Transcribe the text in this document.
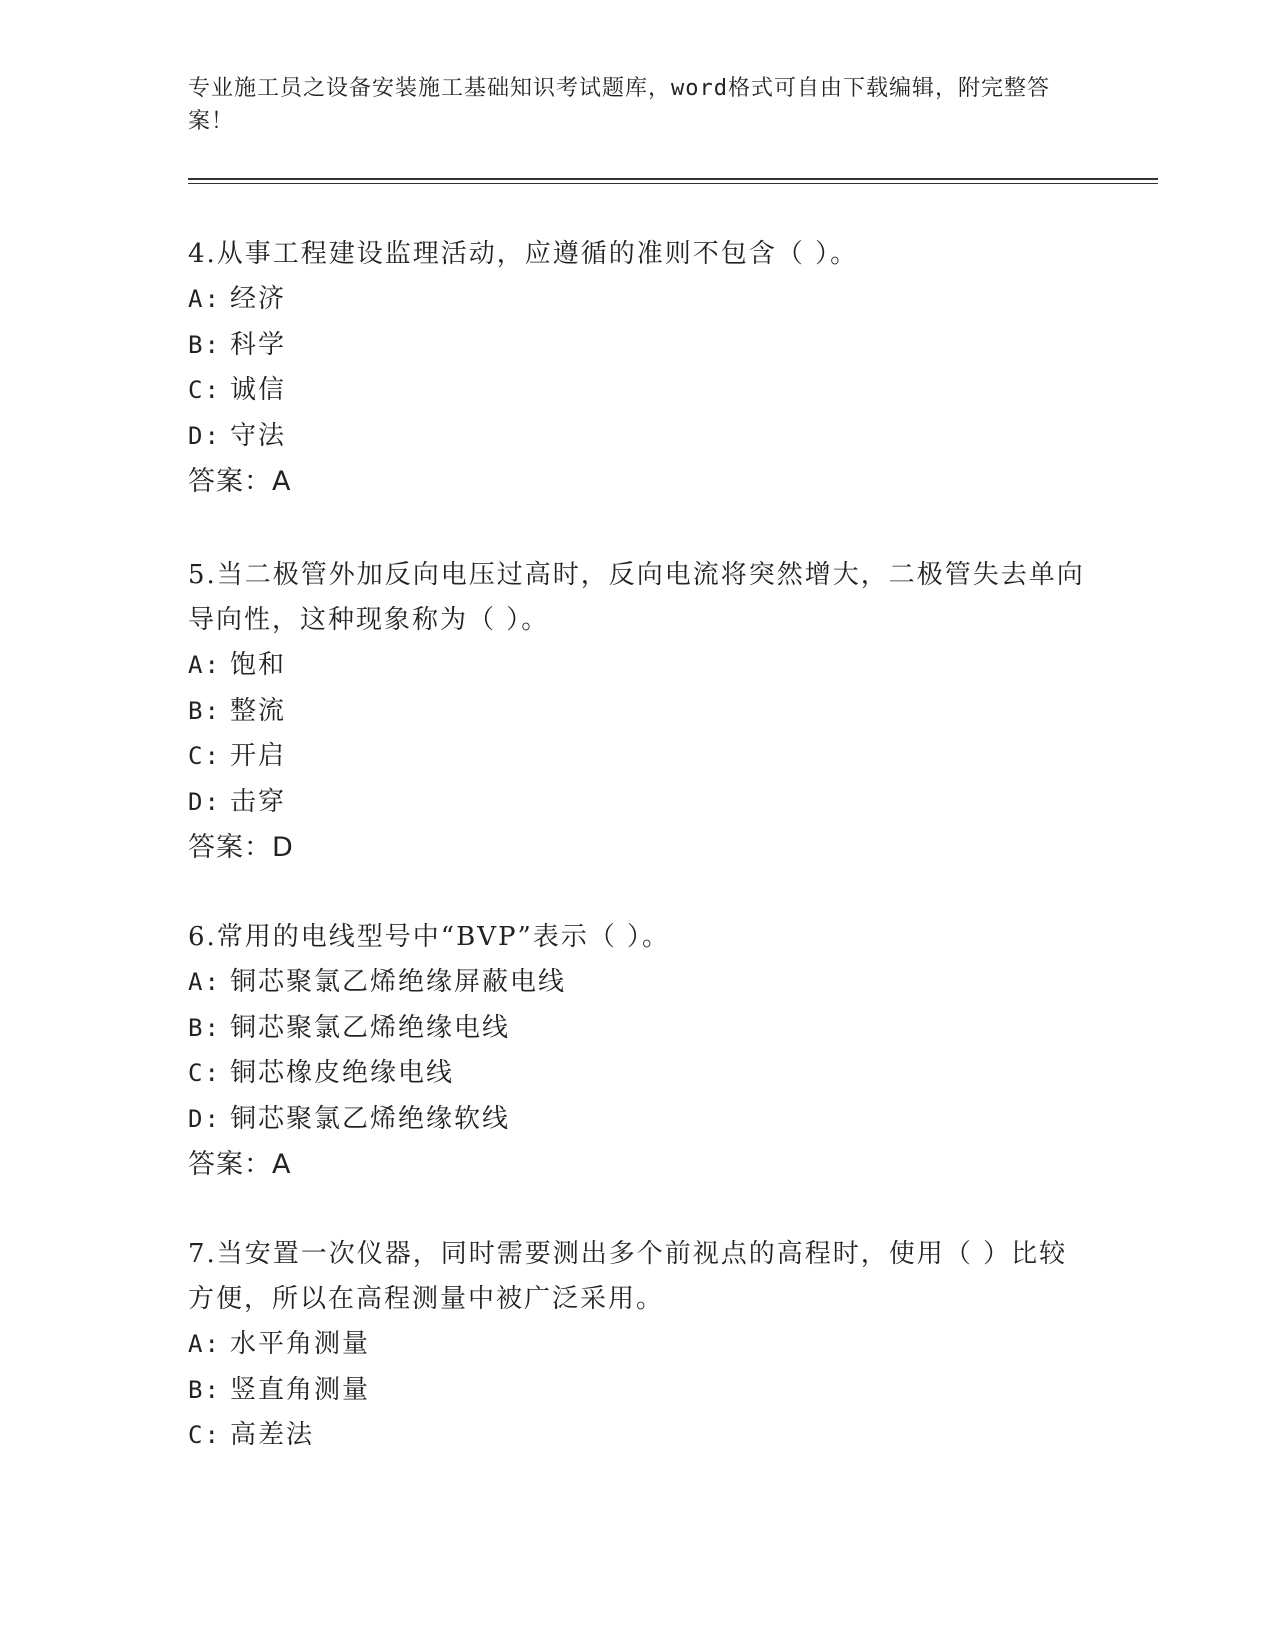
专业施工员之设备安装施工基础知识考试题库，word格式可自由下载编辑，附完整答案！

4.从事工程建设监理活动，应遵循的准则不包含（ ）。

A: 经济

B: 科学

C: 诚信

D: 守法

答案：A

5.当二极管外加反向电压过高时，反向电流将突然增大，二极管失去单向导向性，这种现象称为（ ）。

A: 饱和

B: 整流

C: 开启

D: 击穿

答案：D

6.常用的电线型号中“BVP”表示（ ）。

A: 铜芯聚氯乙烯绝缘屏蔽电线

B: 铜芯聚氯乙烯绝缘电线

C: 铜芯橡皮绝缘电线

D: 铜芯聚氯乙烯绝缘软线

答案：A

7.当安置一次仪器，同时需要测出多个前视点的高程时，使用（ ）比较方便，所以在高程测量中被广泛采用。

A: 水平角测量

B: 竖直角测量

C: 高差法
